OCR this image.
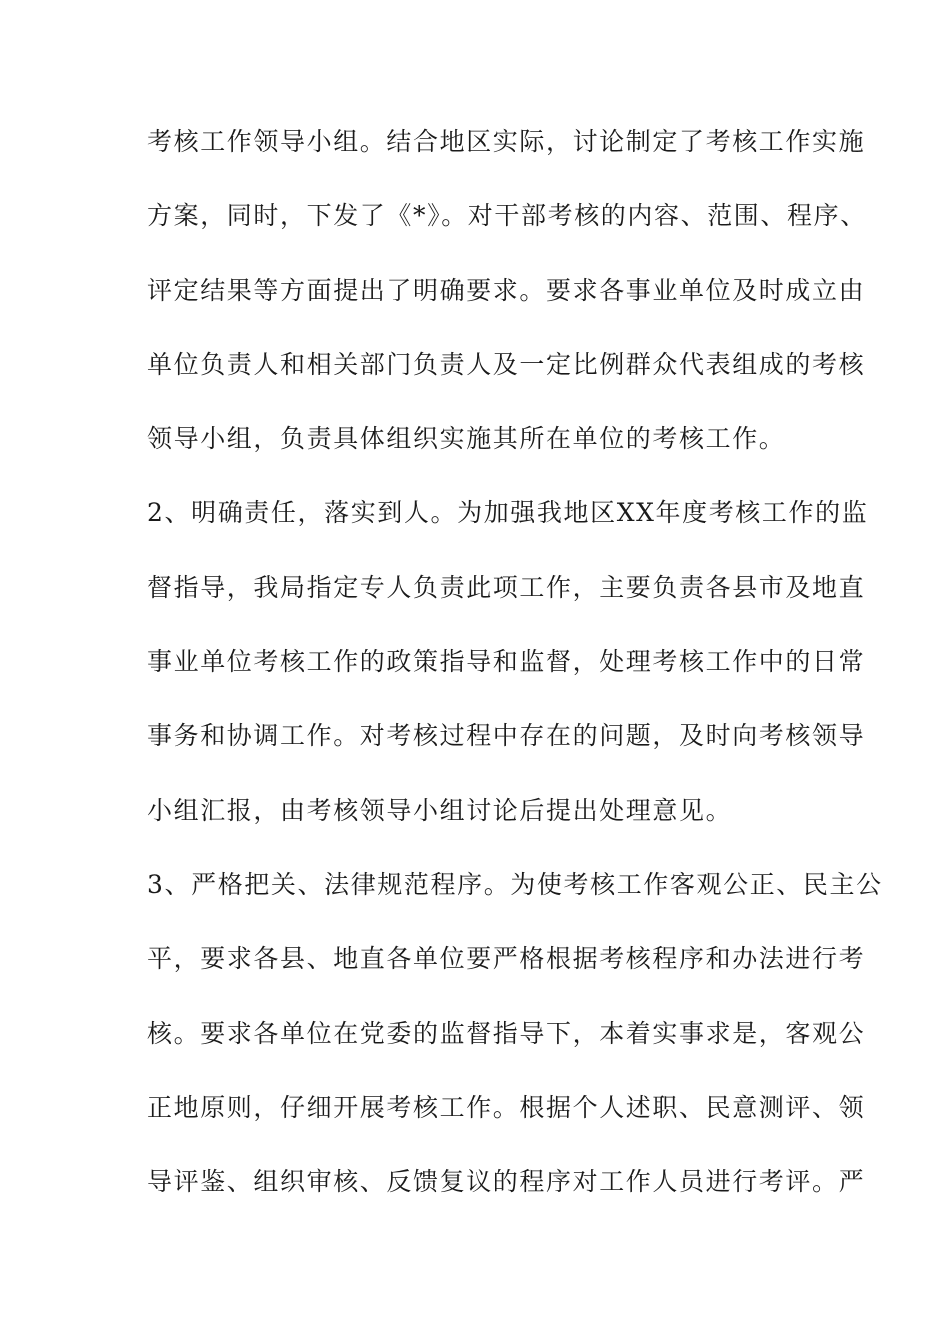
考核工作领导小组。结合地区实际，讨论制定了考核工作实施
方案，同时，下发了《*》。对干部考核的内容、范围、程序、
评定结果等方面提出了明确要求。要求各事业单位及时成立由
单位负责人和相关部门负责人及一定比例群众代表组成的考核
领导小组，负责具体组织实施其所在单位的考核工作。
2、明确责任，落实到人。为加强我地区XX年度考核工作的监
督指导，我局指定专人负责此项工作，主要负责各县市及地直
事业单位考核工作的政策指导和监督，处理考核工作中的日常
事务和协调工作。对考核过程中存在的问题，及时向考核领导
小组汇报，由考核领导小组讨论后提出处理意见。
3、严格把关、法律规范程序。为使考核工作客观公正、民主公
平，要求各县、地直各单位要严格根据考核程序和办法进行考
核。要求各单位在党委的监督指导下，本着实事求是，客观公
正地原则，仔细开展考核工作。根据个人述职、民意测评、领
导评鉴、组织审核、反馈复议的程序对工作人员进行考评。严
